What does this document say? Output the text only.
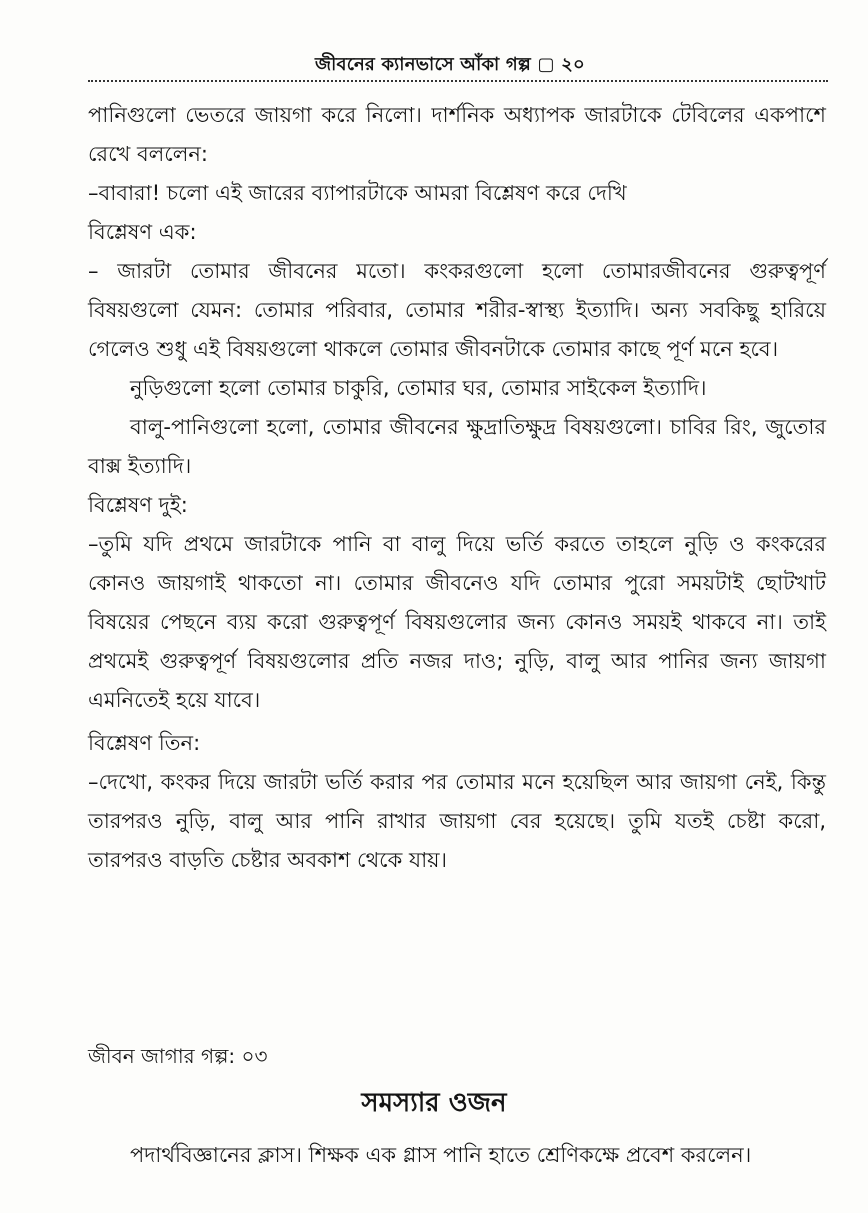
জীবনের ক্যানভাসে আঁকা গল্প ▢ ২০

পানিগুলো ভেতরে জায়গা করে নিলো। দার্শনিক অধ্যাপক জারটাকে টেবিলের একপাশে রেখে বললেন:

–বাবারা! চলো এই জারের ব্যাপারটাকে আমরা বিশ্লেষণ করে দেখি

বিশ্লেষণ এক:

– জারটা তোমার জীবনের মতো। কংকরগুলো হলো তোমারজীবনের গুরুত্বপূর্ণ বিষয়গুলো যেমন: তোমার পরিবার, তোমার শরীর-স্বাস্থ্য ইত্যাদি। অন্য সবকিছু হারিয়ে গেলেও শুধু এই বিষয়গুলো থাকলে তোমার জীবনটাকে তোমার কাছে পূর্ণ মনে হবে।

নুড়িগুলো হলো তোমার চাকুরি, তোমার ঘর, তোমার সাইকেল ইত্যাদি।

বালু-পানিগুলো হলো, তোমার জীবনের ক্ষুদ্রাতিক্ষুদ্র বিষয়গুলো। চাবির রিং, জুতোর বাক্স ইত্যাদি।

বিশ্লেষণ দুই:

–তুমি যদি প্রথমে জারটাকে পানি বা বালু দিয়ে ভর্তি করতে তাহলে নুড়ি ও কংকরের কোনও জায়গাই থাকতো না। তোমার জীবনেও যদি তোমার পুরো সময়টাই ছোটখাট বিষয়ের পেছনে ব্যয় করো গুরুত্বপূর্ণ বিষয়গুলোর জন্য কোনও সময়ই থাকবে না। তাই প্রথমেই গুরুত্বপূর্ণ বিষয়গুলোর প্রতি নজর দাও; নুড়ি, বালু আর পানির জন্য জায়গা এমনিতেই হয়ে যাবে।

বিশ্লেষণ তিন:

–দেখো, কংকর দিয়ে জারটা ভর্তি করার পর তোমার মনে হয়েছিল আর জায়গা নেই, কিন্তু তারপরও নুড়ি, বালু আর পানি রাখার জায়গা বের হয়েছে। তুমি যতই চেষ্টা করো, তারপরও বাড়তি চেষ্টার অবকাশ থেকে যায়।

জীবন জাগার গল্প: ০৩
সমস্যার ওজন

পদার্থবিজ্ঞানের ক্লাস। শিক্ষক এক গ্লাস পানি হাতে শ্রেণিকক্ষে প্রবেশ করলেন।
